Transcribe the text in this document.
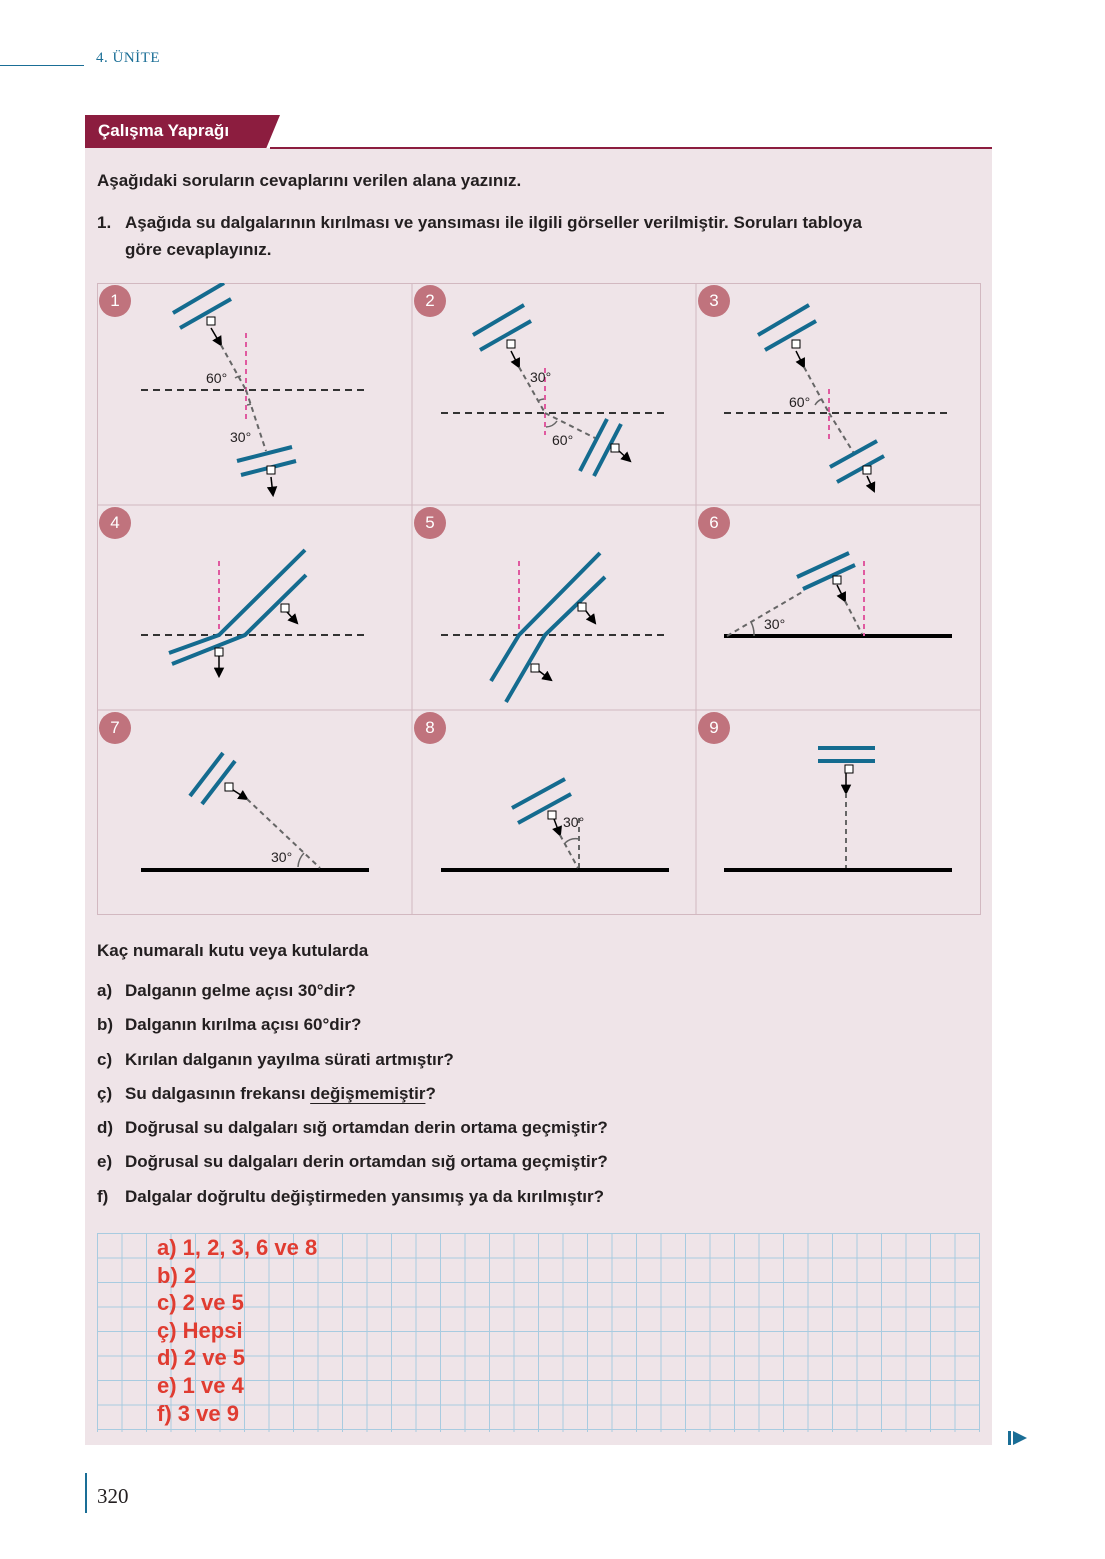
4. ÜNİTE
Çalışma Yaprağı
Aşağıdaki soruların cevaplarını verilen alana yazınız.
1. Aşağıda su dalgalarının kırılması ve yansıması ile ilgili görseller verilmiştir. Soruları tabloya
göre cevaplayınız.
60°
30°
30°
60°
60°
30°
30°
30°
1	2	3
4	5	6
7	8	9
Kaç numaralı kutu veya kutularda
a) Dalganın gelme açısı 30°dir?
b) Dalganın kırılma açısı 60°dir?
c) Kırılan dalganın yayılma sürati artmıştır?
ç) Su dalgasının frekansı değişmemiştir ?
d) Doğrusal su dalgaları sığ ortamdan derin ortama geçmiştir?
e) Doğrusal su dalgaları derin ortamdan sığ ortama geçmiştir?
f) Dalgalar doğrultu değiştirmeden yansımış ya da kırılmıştır?
a) 1, 2, 3, 6 ve 8
b) 2
c) 2 ve 5
ç) Hepsi
d) 2 ve 5
e) 1 ve 4
f) 3 ve 9
320
